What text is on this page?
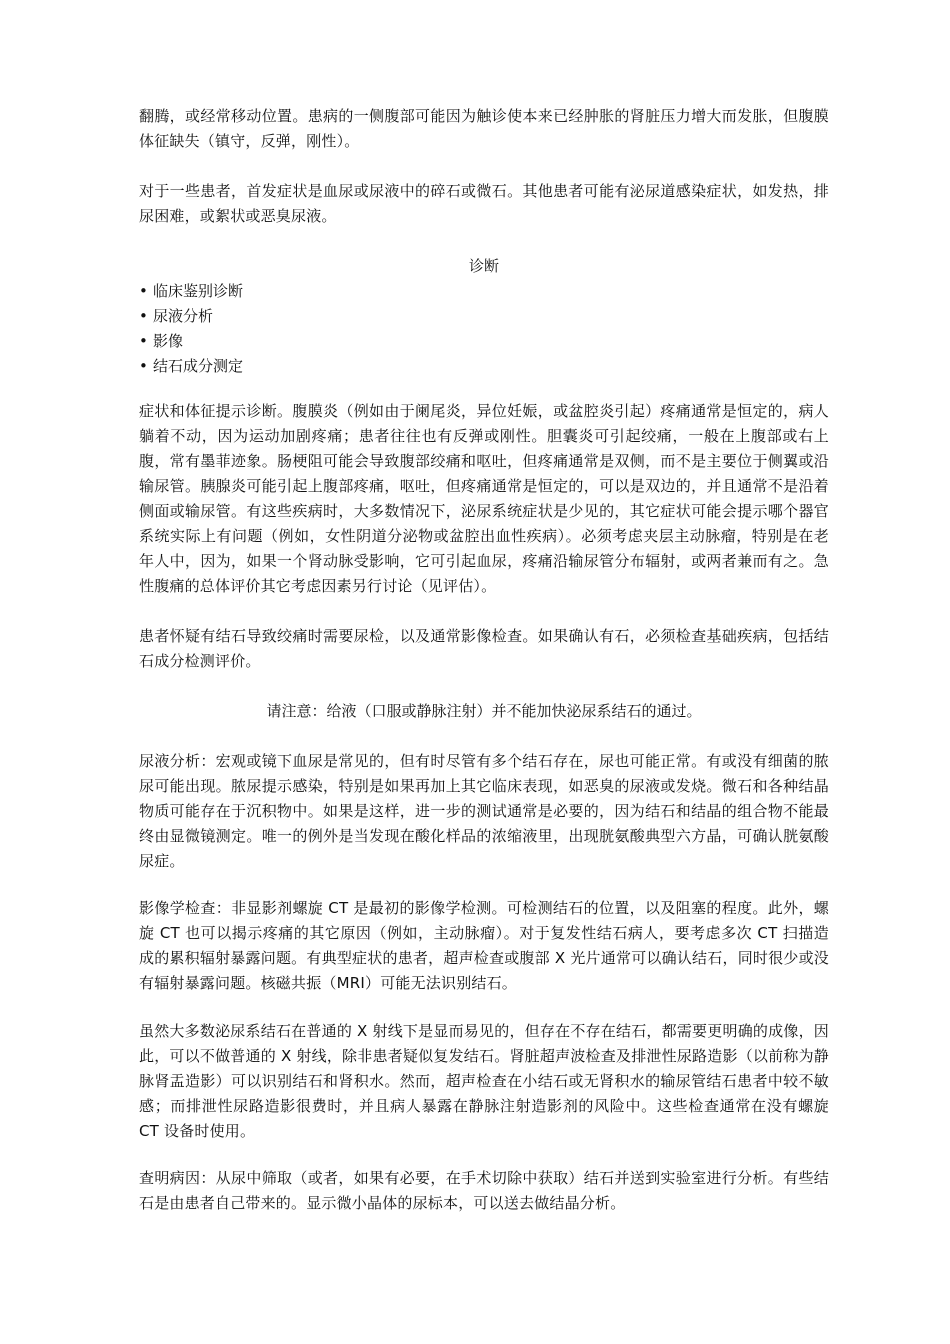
翻腾，或经常移动位置。患病的一侧腹部可能因为触诊使本来已经肿胀的肾脏压力增大而发胀，但腹膜体征缺失（镇守，反弹，刚性）。

对于一些患者，首发症状是血尿或尿液中的碎石或微石。其他患者可能有泌尿道感染症状，如发热，排尿困难，或絮状或恶臭尿液。

诊断

• 临床鉴别诊断
• 尿液分析
• 影像
• 结石成分测定

症状和体征提示诊断。腹膜炎（例如由于阑尾炎，异位妊娠，或盆腔炎引起）疼痛通常是恒定的，病人躺着不动，因为运动加剧疼痛；患者往往也有反弹或刚性。胆囊炎可引起绞痛，一般在上腹部或右上腹，常有墨菲迹象。肠梗阻可能会导致腹部绞痛和呕吐，但疼痛通常是双侧，而不是主要位于侧翼或沿输尿管。胰腺炎可能引起上腹部疼痛，呕吐，但疼痛通常是恒定的，可以是双边的，并且通常不是沿着侧面或输尿管。有这些疾病时，大多数情况下，泌尿系统症状是少见的，其它症状可能会提示哪个器官系统实际上有问题（例如，女性阴道分泌物或盆腔出血性疾病）。必须考虑夹层主动脉瘤，特别是在老年人中，因为，如果一个肾动脉受影响，它可引起血尿，疼痛沿输尿管分布辐射，或两者兼而有之。急性腹痛的总体评价其它考虑因素另行讨论（见评估）。

患者怀疑有结石导致绞痛时需要尿检，以及通常影像检查。如果确认有石，必须检查基础疾病，包括结石成分检测评价。

请注意：给液（口服或静脉注射）并不能加快泌尿系结石的通过。

尿液分析：宏观或镜下血尿是常见的，但有时尽管有多个结石存在，尿也可能正常。有或没有细菌的脓尿可能出现。脓尿提示感染，特别是如果再加上其它临床表现，如恶臭的尿液或发烧。微石和各种结晶物质可能存在于沉积物中。如果是这样，进一步的测试通常是必要的，因为结石和结晶的组合物不能最终由显微镜测定。唯一的例外是当发现在酸化样品的浓缩液里，出现胱氨酸典型六方晶，可确认胱氨酸尿症。

影像学检查：非显影剂螺旋 CT 是最初的影像学检测。可检测结石的位置，以及阻塞的程度。此外，螺旋 CT 也可以揭示疼痛的其它原因（例如，主动脉瘤）。对于复发性结石病人，要考虑多次 CT 扫描造成的累积辐射暴露问题。有典型症状的患者，超声检查或腹部 X 光片通常可以确认结石，同时很少或没有辐射暴露问题。核磁共振（MRI）可能无法识别结石。

虽然大多数泌尿系结石在普通的 X 射线下是显而易见的，但存在不存在结石，都需要更明确的成像，因此，可以不做普通的 X 射线，除非患者疑似复发结石。肾脏超声波检查及排泄性尿路造影（以前称为静脉肾盂造影）可以识别结石和肾积水。然而，超声检查在小结石或无肾积水的输尿管结石患者中较不敏感；而排泄性尿路造影很费时，并且病人暴露在静脉注射造影剂的风险中。这些检查通常在没有螺旋 CT 设备时使用。

查明病因：从尿中筛取（或者，如果有必要，在手术切除中获取）结石并送到实验室进行分析。有些结石是由患者自己带来的。显示微小晶体的尿标本，可以送去做结晶分析。
